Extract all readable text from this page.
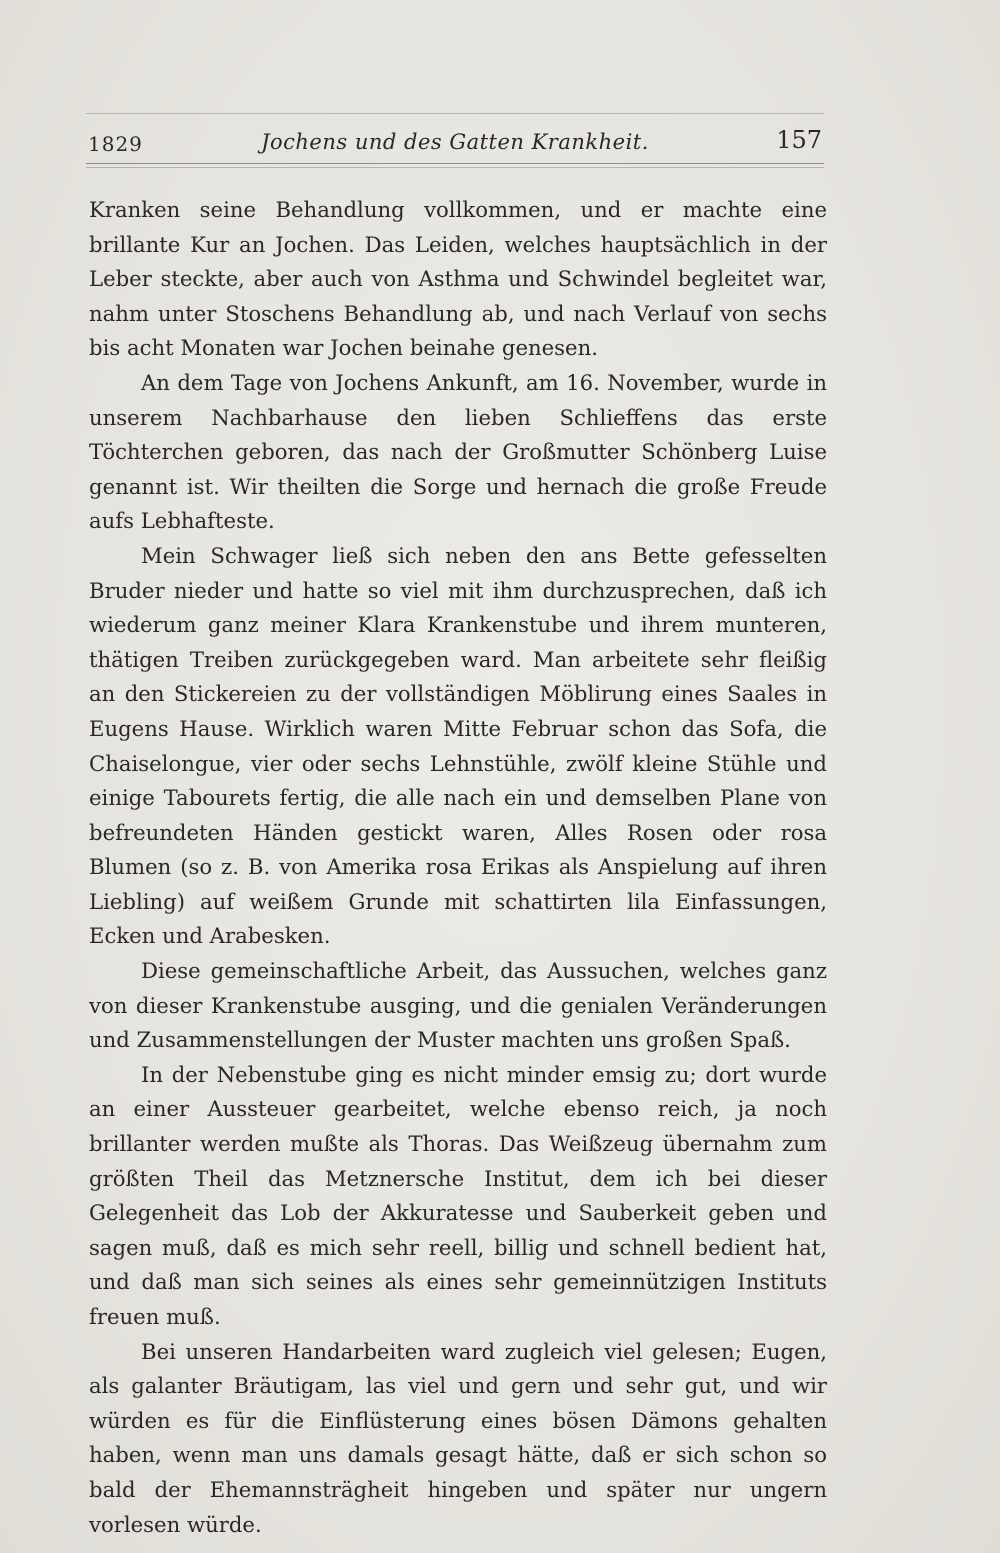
1829	Jochens und des Gatten Krankheit.	157

Kranken seine Behandlung vollkommen, und er machte eine brillante Kur an Jochen. Das Leiden, welches hauptsächlich in der Leber steckte, aber auch von Asthma und Schwindel begleitet war, nahm unter Stoschens Behandlung ab, und nach Verlauf von sechs bis acht Monaten war Jochen beinahe genesen.

An dem Tage von Jochens Ankunft, am 16. November, wurde in unserem Nachbarhause den lieben Schlieffens das erste Töchterchen geboren, das nach der Großmutter Schönberg Luise genannt ist. Wir theilten die Sorge und hernach die große Freude aufs Lebhafteste.

Mein Schwager ließ sich neben den ans Bette gefesselten Bruder nieder und hatte so viel mit ihm durchzusprechen, daß ich wiederum ganz meiner Klara Krankenstube und ihrem munteren, thätigen Treiben zurückgegeben ward. Man arbeitete sehr fleißig an den Stickereien zu der vollständigen Möblirung eines Saales in Eugens Hause. Wirklich waren Mitte Februar schon das Sofa, die Chaiselongue, vier oder sechs Lehnstühle, zwölf kleine Stühle und einige Tabourets fertig, die alle nach ein und demselben Plane von befreundeten Händen gestickt waren, Alles Rosen oder rosa Blumen (so z. B. von Amerika rosa Erikas als Anspielung auf ihren Liebling) auf weißem Grunde mit schattirten lila Einfassungen, Ecken und Arabesken.

Diese gemeinschaftliche Arbeit, das Aussuchen, welches ganz von dieser Krankenstube ausging, und die genialen Veränderungen und Zusammenstellungen der Muster machten uns großen Spaß.

In der Nebenstube ging es nicht minder emsig zu; dort wurde an einer Aussteuer gearbeitet, welche ebenso reich, ja noch brillanter werden mußte als Thoras. Das Weißzeug übernahm zum größten Theil das Metznersche Institut, dem ich bei dieser Gelegenheit das Lob der Akkuratesse und Sauberkeit geben und sagen muß, daß es mich sehr reell, billig und schnell bedient hat, und daß man sich seines als eines sehr gemeinnützigen Instituts freuen muß.

Bei unseren Handarbeiten ward zugleich viel gelesen; Eugen, als galanter Bräutigam, las viel und gern und sehr gut, und wir würden es für die Einflüsterung eines bösen Dämons gehalten haben, wenn man uns damals gesagt hätte, daß er sich schon so bald der Ehemannsträgheit hingeben und später nur ungern vorlesen würde.
